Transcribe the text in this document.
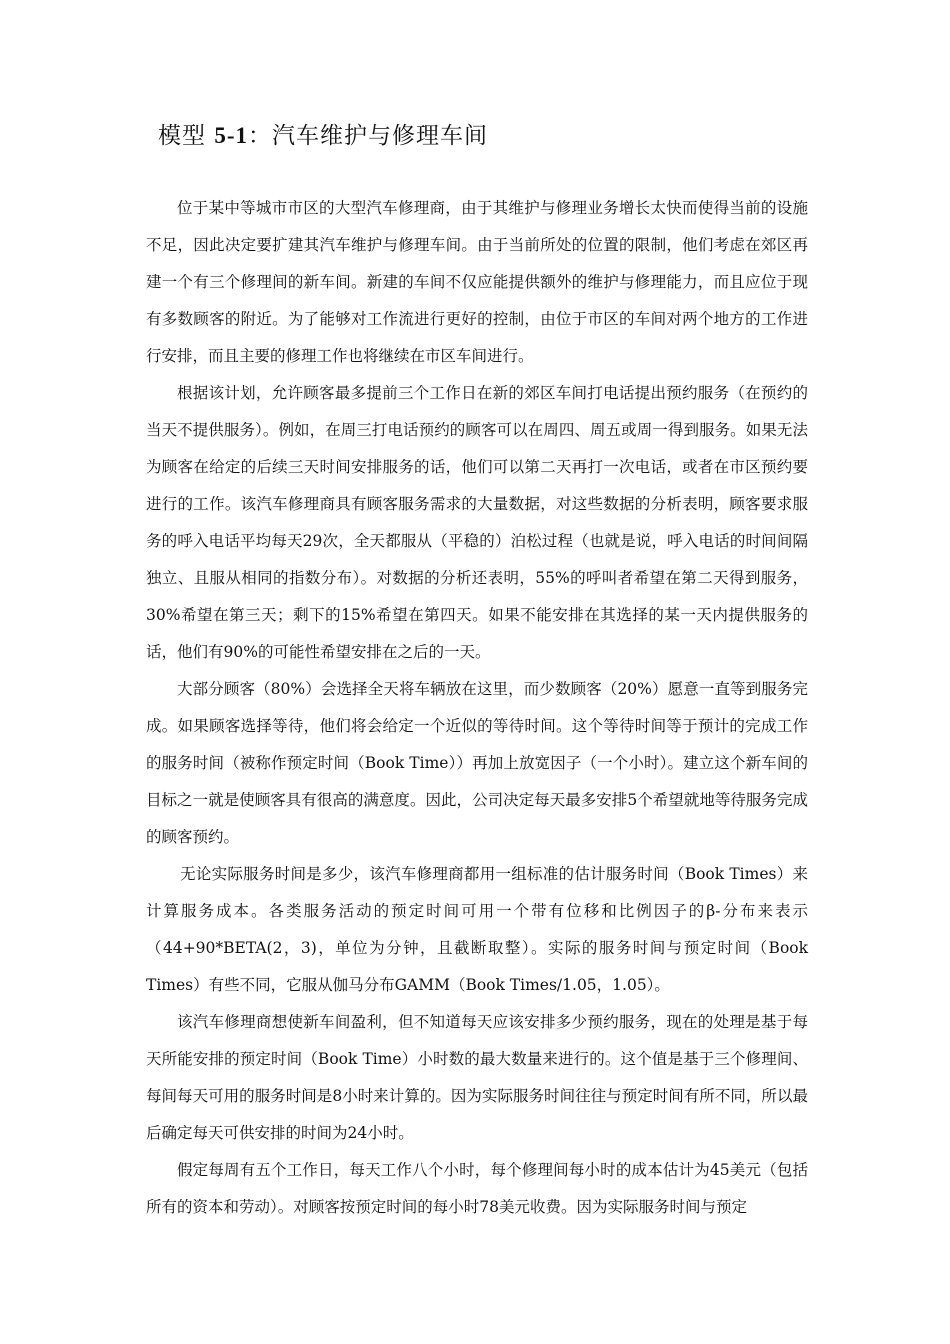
模型 5-1：汽车维护与修理车间

位于某中等城市市区的大型汽车修理商，由于其维护与修理业务增长太快而使得当前的设施不足，因此决定要扩建其汽车维护与修理车间。由于当前所处的位置的限制，他们考虑在郊区再建一个有三个修理间的新车间。新建的车间不仅应能提供额外的维护与修理能力，而且应位于现有多数顾客的附近。为了能够对工作流进行更好的控制，由位于市区的车间对两个地方的工作进行安排，而且主要的修理工作也将继续在市区车间进行。

根据该计划，允许顾客最多提前三个工作日在新的郊区车间打电话提出预约服务（在预约的当天不提供服务）。例如，在周三打电话预约的顾客可以在周四、周五或周一得到服务。如果无法为顾客在给定的后续三天时间安排服务的话，他们可以第二天再打一次电话，或者在市区预约要进行的工作。该汽车修理商具有顾客服务需求的大量数据，对这些数据的分析表明，顾客要求服务的呼入电话平均每天29次，全天都服从（平稳的）泊松过程（也就是说，呼入电话的时间间隔独立、且服从相同的指数分布）。对数据的分析还表明，55%的呼叫者希望在第二天得到服务，30%希望在第三天；剩下的15%希望在第四天。如果不能安排在其选择的某一天内提供服务的话，他们有90%的可能性希望安排在之后的一天。

大部分顾客（80%）会选择全天将车辆放在这里，而少数顾客（20%）愿意一直等到服务完成。如果顾客选择等待，他们将会给定一个近似的等待时间。这个等待时间等于预计的完成工作的服务时间（被称作预定时间（Book Time））再加上放宽因子（一个小时）。建立这个新车间的目标之一就是使顾客具有很高的满意度。因此，公司决定每天最多安排5个希望就地等待服务完成的顾客预约。

无论实际服务时间是多少，该汽车修理商都用一组标准的估计服务时间（Book Times）来计算服务成本。各类服务活动的预定时间可用一个带有位移和比例因子的β-分布来表示（44+90*BETA(2，3)，单位为分钟，且截断取整）。实际的服务时间与预定时间（Book Times）有些不同，它服从伽马分布GAMM（Book Times/1.05，1.05）。

该汽车修理商想使新车间盈利，但不知道每天应该安排多少预约服务，现在的处理是基于每天所能安排的预定时间（Book Time）小时数的最大数量来进行的。这个值是基于三个修理间、每间每天可用的服务时间是8小时来计算的。因为实际服务时间往往与预定时间有所不同，所以最后确定每天可供安排的时间为24小时。

假定每周有五个工作日，每天工作八个小时，每个修理间每小时的成本估计为45美元（包括所有的资本和劳动）。对顾客按预定时间的每小时78美元收费。因为实际服务时间与预定
